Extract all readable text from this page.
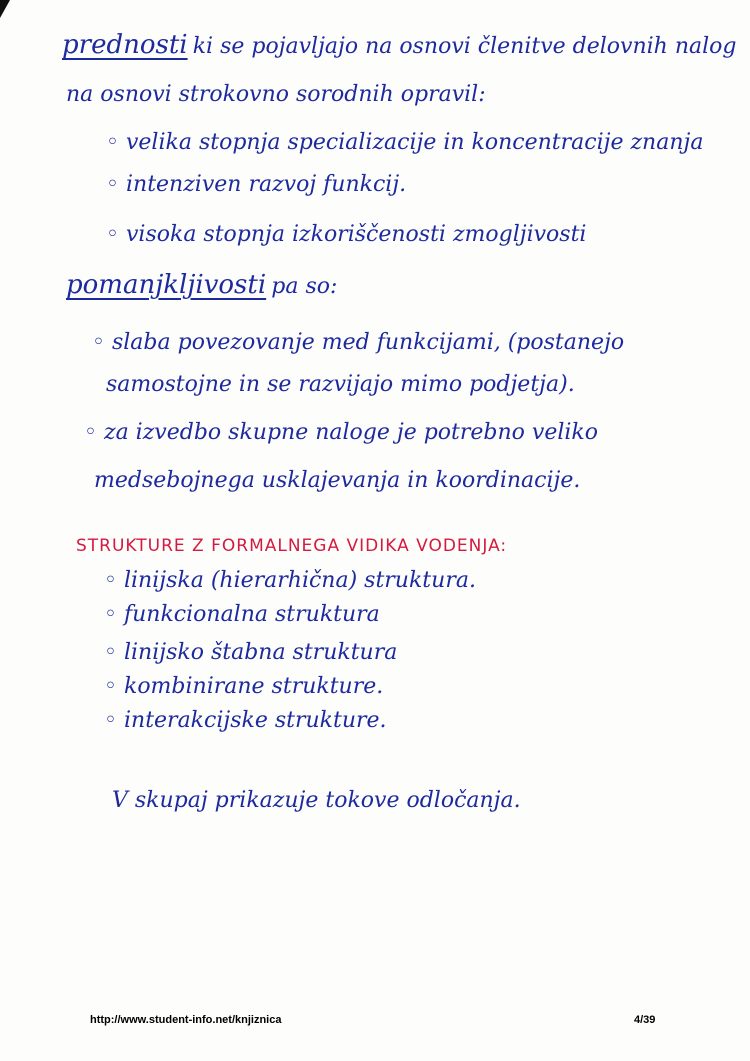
prednosti ki se pojavljajo na osnovi členitve delovnih nalog
na osnovi strokovno sorodnih opravil:
◦ velika stopnja specializacije in koncentracije znanja
◦ intenziven razvoj funkcij.
◦ visoka stopnja izkoriščenosti zmogljivosti
pomanjkljivosti pa so:
◦ slaba povezovanje med funkcijami, (postanejo
samostojne in se razvijajo mimo podjetja).
◦ za izvedbo skupne naloge je potrebno veliko
medsebojnega usklajevanja in koordinacije.
STRUKTURE Z FORMALNEGA VIDIKA VODENJA:
◦ linijska (hierarhična) struktura.
◦ funkcionalna struktura
◦ linijsko štabna struktura
◦ kombinirane strukture.
◦ interakcijske strukture.
V skupaj prikazuje tokove odločanja.
http://www.student-info.net/knjiznica	4/39
